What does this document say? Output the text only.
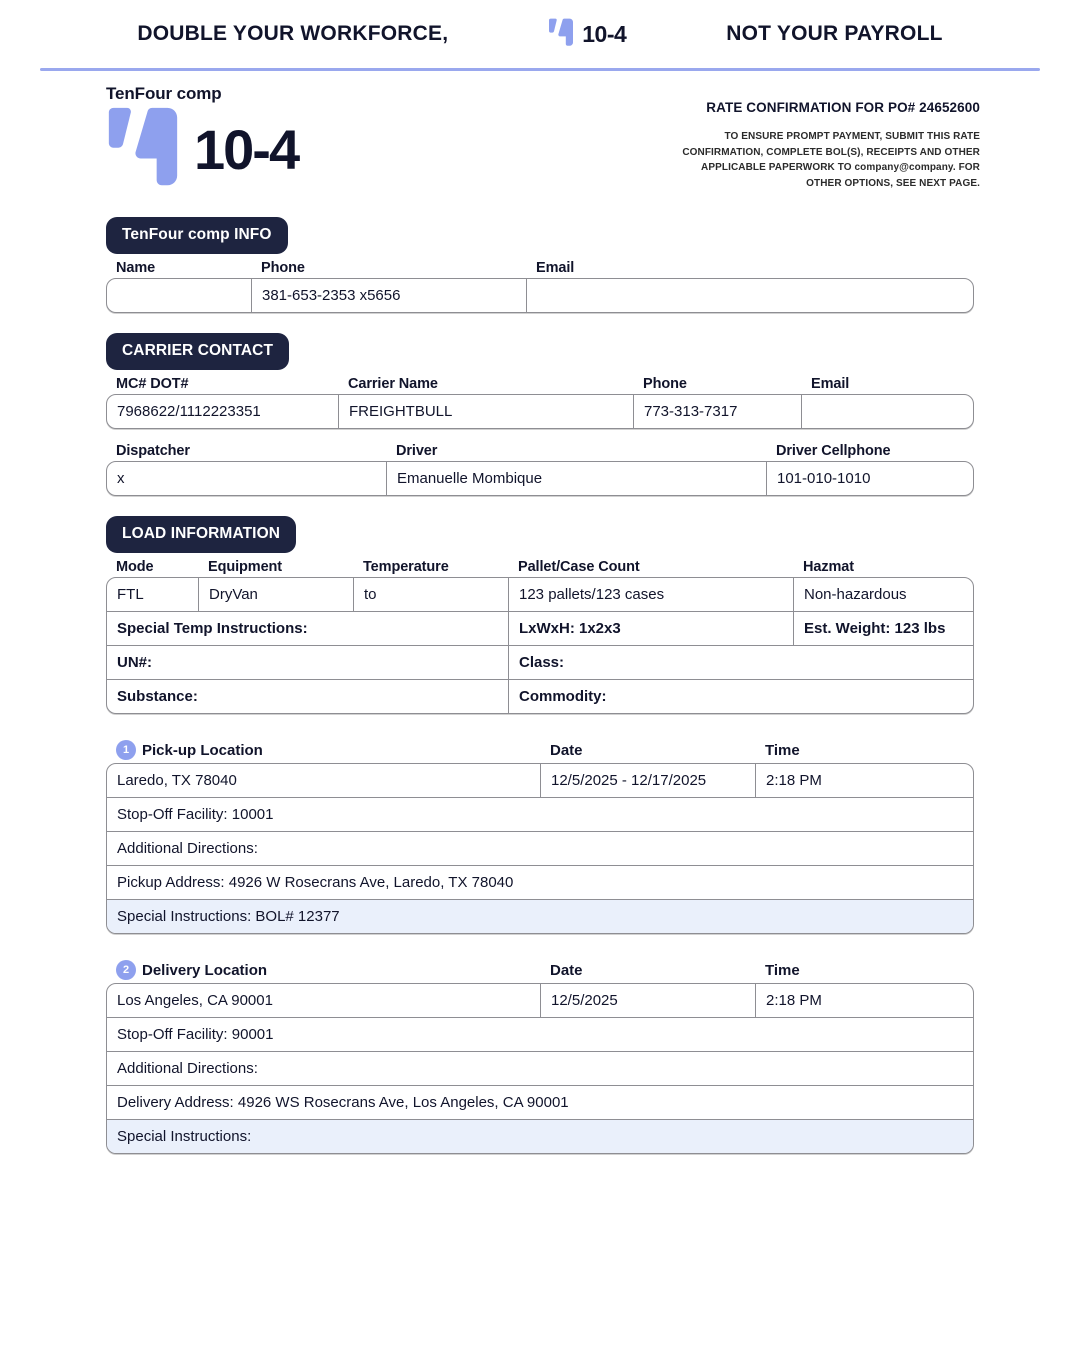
DOUBLE YOUR WORKFORCE,	10-4	NOT YOUR PAYROLL
TenFour comp
10-4
RATE CONFIRMATION FOR PO# 24652600
TO ENSURE PROMPT PAYMENT, SUBMIT THIS RATE CONFIRMATION, COMPLETE BOL(S), RECEIPTS AND OTHER APPLICABLE PAPERWORK TO company@company. FOR OTHER OPTIONS, SEE NEXT PAGE.
TenFour comp INFO
Name	Phone	Email
	381-653-2353 x5656	
CARRIER CONTACT
MC# DOT#	Carrier Name	Phone	Email
7968622/1112223351	FREIGHTBULL	773-313-7317	
Dispatcher	Driver	Driver Cellphone
x	Emanuelle Mombique	101-010-1010
LOAD INFORMATION
Mode	Equipment	Temperature	Pallet/Case Count	Hazmat
FTL	DryVan	to	123 pallets/123 cases	Non-hazardous
Special Temp Instructions:			LxWxH: 1x2x3	Est. Weight: 123 lbs
UN#:			Class:	
Substance:			Commodity:	
1 Pick-up Location	Date	Time
Laredo, TX 78040	12/5/2025 - 12/17/2025	2:18 PM
Stop-Off Facility: 10001
Additional Directions:
Pickup Address: 4926 W Rosecrans Ave, Laredo, TX 78040
Special Instructions: BOL# 12377
2 Delivery Location	Date	Time
Los Angeles, CA 90001	12/5/2025	2:18 PM
Stop-Off Facility: 90001
Additional Directions:
Delivery Address: 4926 WS Rosecrans Ave, Los Angeles, CA 90001
Special Instructions:
